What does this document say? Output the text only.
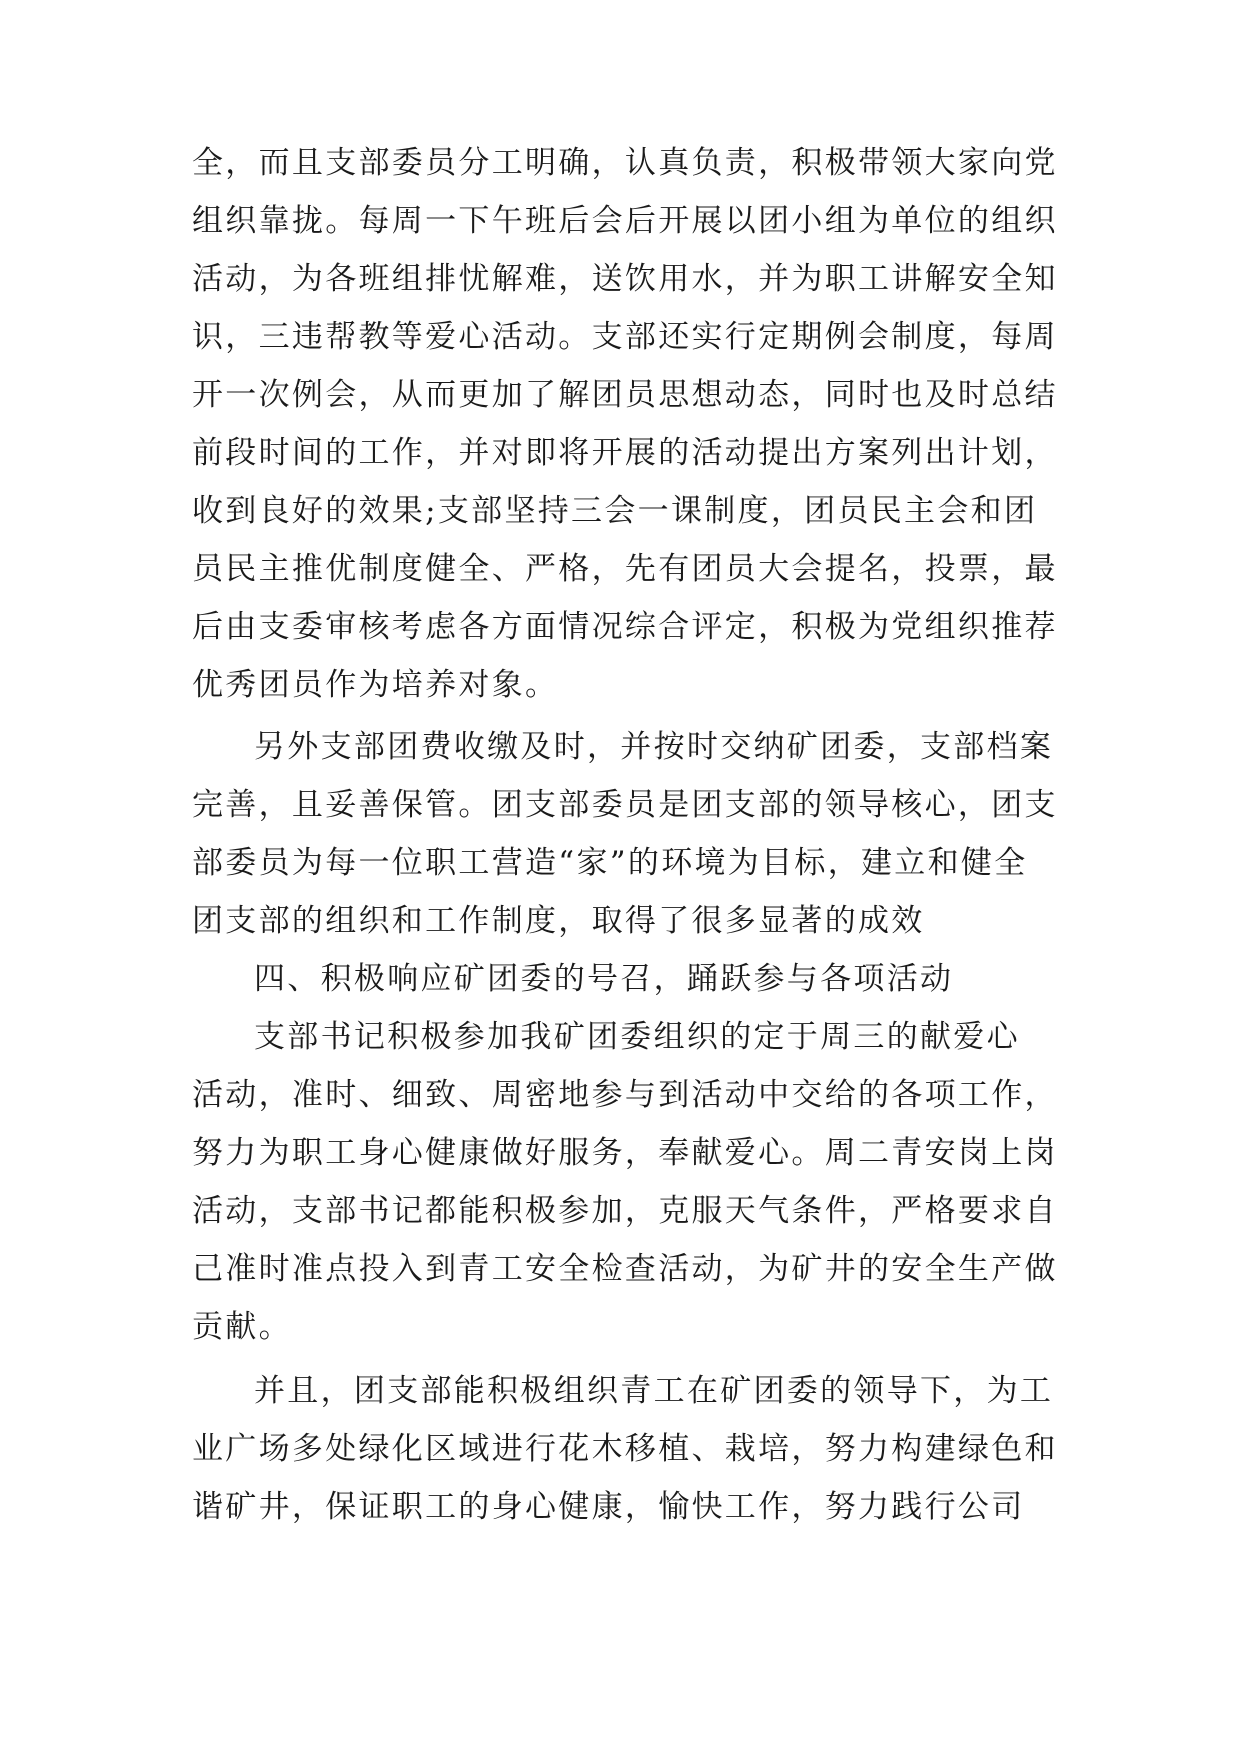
全，而且支部委员分工明确，认真负责，积极带领大家向党
组织靠拢。每周一下午班后会后开展以团小组为单位的组织
活动，为各班组排忧解难，送饮用水，并为职工讲解安全知
识，三违帮教等爱心活动。支部还实行定期例会制度，每周
开一次例会，从而更加了解团员思想动态，同时也及时总结
前段时间的工作，并对即将开展的活动提出方案列出计划，
收到良好的效果;支部坚持三会一课制度，团员民主会和团
员民主推优制度健全、严格，先有团员大会提名，投票，最
后由支委审核考虑各方面情况综合评定，积极为党组织推荐
优秀团员作为培养对象。
另外支部团费收缴及时，并按时交纳矿团委，支部档案
完善，且妥善保管。团支部委员是团支部的领导核心，团支
部委员为每一位职工营造“家”的环境为目标，建立和健全
团支部的组织和工作制度，取得了很多显著的成效
四、积极响应矿团委的号召，踊跃参与各项活动
支部书记积极参加我矿团委组织的定于周三的献爱心
活动，准时、细致、周密地参与到活动中交给的各项工作，
努力为职工身心健康做好服务，奉献爱心。周二青安岗上岗
活动，支部书记都能积极参加，克服天气条件，严格要求自
己准时准点投入到青工安全检查活动，为矿井的安全生产做
贡献。
并且，团支部能积极组织青工在矿团委的领导下，为工
业广场多处绿化区域进行花木移植、栽培，努力构建绿色和
谐矿井，保证职工的身心健康，愉快工作，努力践行公司
